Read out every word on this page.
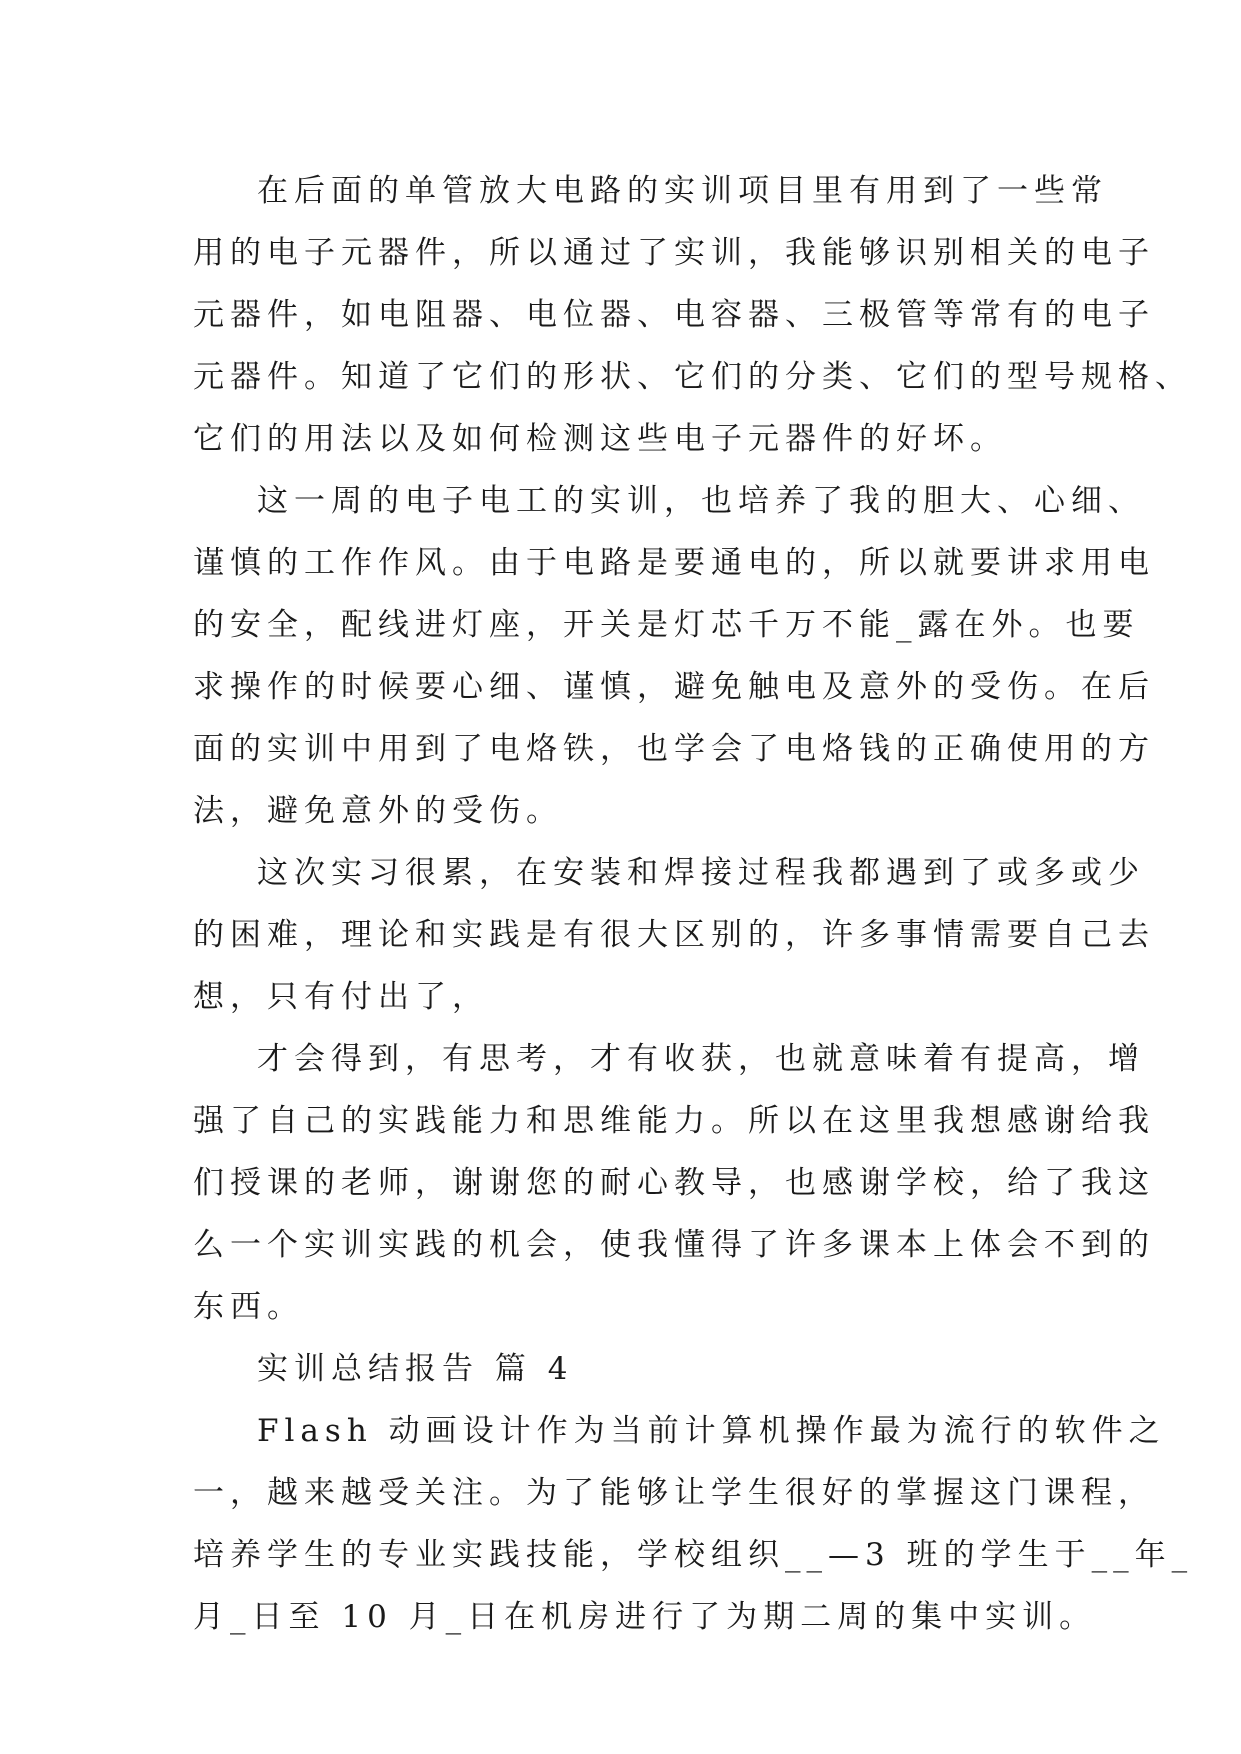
在后面的单管放大电路的实训项目里有用到了一些常
用的电子元器件，所以通过了实训，我能够识别相关的电子
元器件，如电阻器、电位器、电容器、三极管等常有的电子
元器件。知道了它们的形状、它们的分类、它们的型号规格、
它们的用法以及如何检测这些电子元器件的好坏。
这一周的电子电工的实训，也培养了我的胆大、心细、
谨慎的工作作风。由于电路是要通电的，所以就要讲求用电
的安全，配线进灯座，开关是灯芯千万不能_露在外。也要
求操作的时候要心细、谨慎，避免触电及意外的受伤。在后
面的实训中用到了电烙铁，也学会了电烙钱的正确使用的方
法，避免意外的受伤。
这次实习很累，在安装和焊接过程我都遇到了或多或少
的困难，理论和实践是有很大区别的，许多事情需要自己去
想，只有付出了，
才会得到，有思考，才有收获，也就意味着有提高，增
强了自己的实践能力和思维能力。所以在这里我想感谢给我
们授课的老师，谢谢您的耐心教导，也感谢学校，给了我这
么一个实训实践的机会，使我懂得了许多课本上体会不到的
东西。
实训总结报告 篇 4
Flash 动画设计作为当前计算机操作最为流行的软件之
一，越来越受关注。为了能够让学生很好的掌握这门课程，
培养学生的专业实践技能，学校组织__—3 班的学生于__年_
月_日至 10 月_日在机房进行了为期二周的集中实训。
